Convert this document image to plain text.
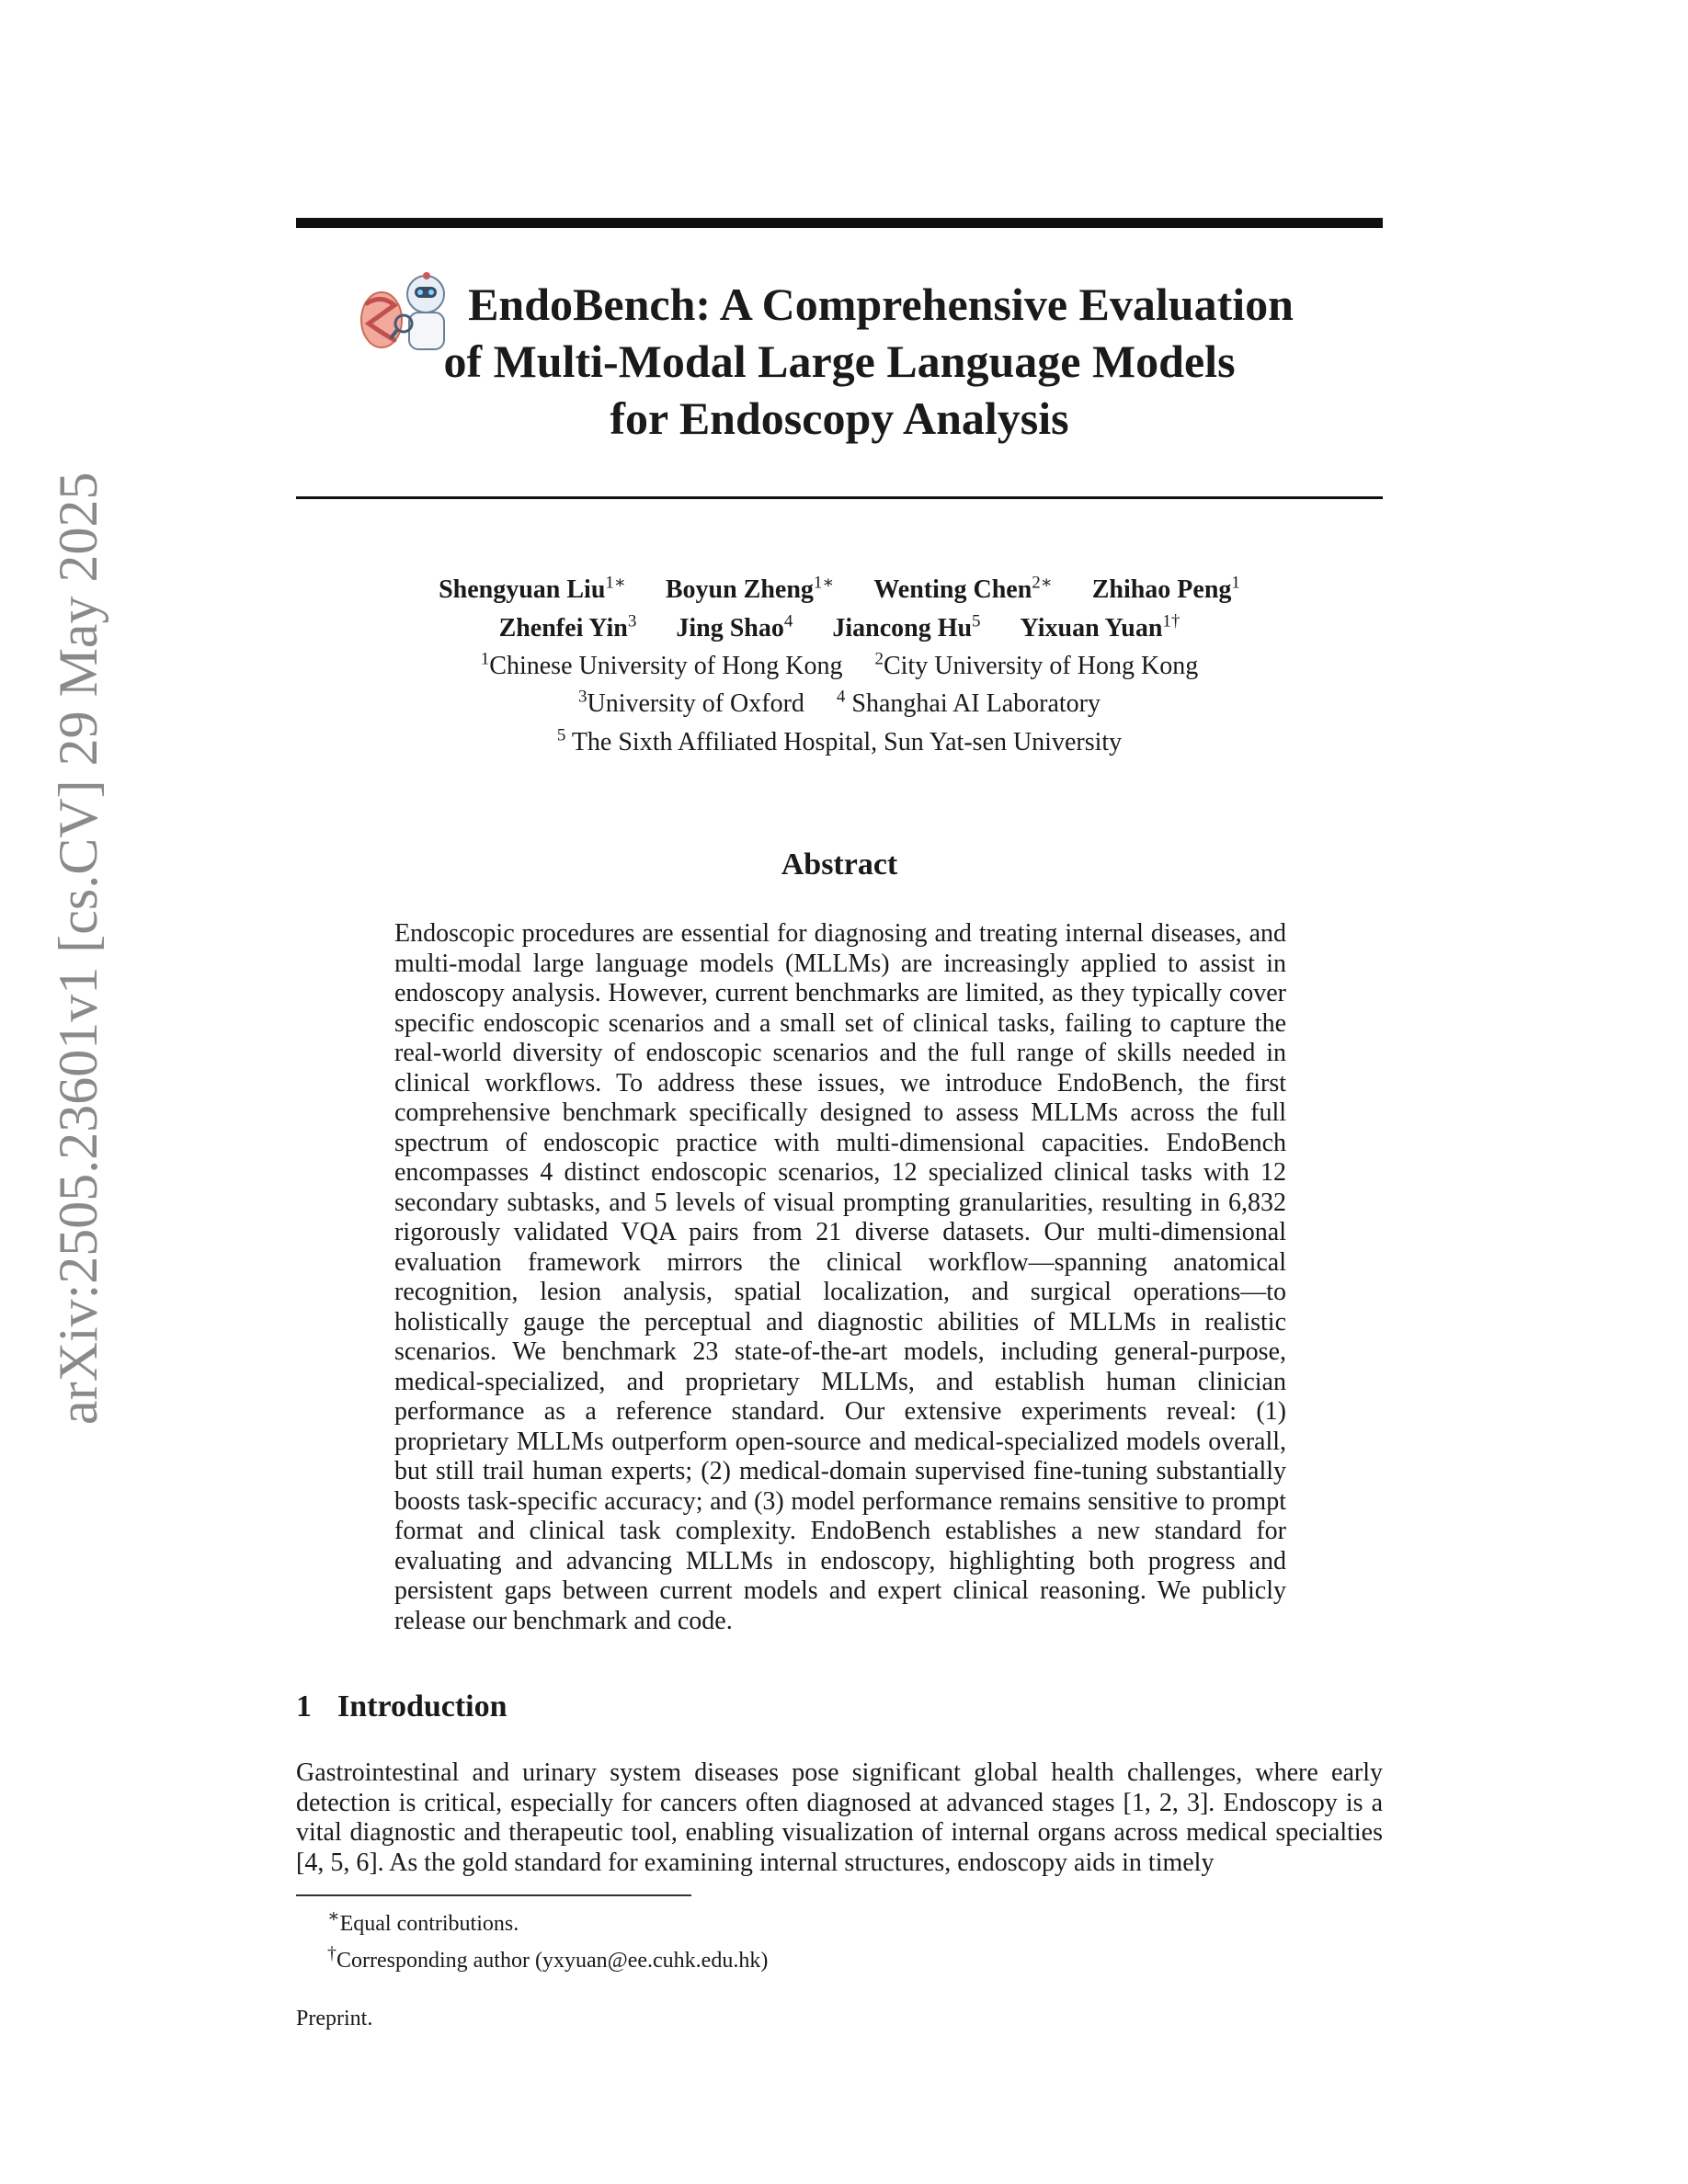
arXiv:2505.23601v1 [cs.CV] 29 May 2025

EndoBench: A Comprehensive Evaluation

of Multi-Modal Large Language Models

for Endoscopy Analysis

Shengyuan Liu$^{1∗}$ Boyun Zheng$^{1∗}$ Wenting Chen$^{2∗}$ Zhihao Peng$^1$
Zhenfei Yin$^3$ Jing Shao$^4$ Jiancong Hu$^5$ Yixuan Yuan$^{1\dagger}$
$^1$Chinese University of Hong Kong $^2$City University of Hong Kong
$^3$University of Oxford $^4$ Shanghai AI Laboratory
$^5$ The Sixth Affiliated Hospital, Sun Yat-sen University
Abstract
Endoscopic procedures are essential for diagnosing and treating internal diseases, and multi-modal large language models (MLLMs) are increasingly applied to assist in endoscopy analysis. However, current benchmarks are limited, as they typically cover specific endoscopic scenarios and a small set of clinical tasks, failing to capture the real-world diversity of endoscopic scenarios and the full range of skills needed in clinical workflows. To address these issues, we introduce EndoBench, the first comprehensive benchmark specifically designed to assess MLLMs across the full spectrum of endoscopic practice with multi-dimensional capacities. EndoBench encompasses 4 distinct endoscopic scenarios, 12 specialized clinical tasks with 12 secondary subtasks, and 5 levels of visual prompting granularities, resulting in 6,832 rigorously validated VQA pairs from 21 diverse datasets. Our multi-dimensional evaluation framework mirrors the clinical workflow—spanning anatomical recognition, lesion analysis, spatial localization, and surgical operations—to holistically gauge the perceptual and diagnostic abilities of MLLMs in realistic scenarios. We benchmark 23 state-of-the-art models, including general-purpose, medical-specialized, and proprietary MLLMs, and establish human clinician performance as a reference standard. Our extensive experiments reveal: (1) proprietary MLLMs outperform open-source and medical-specialized models overall, but still trail human experts; (2) medical-domain supervised fine-tuning substantially boosts task-specific accuracy; and (3) model performance remains sensitive to prompt format and clinical task complexity. EndoBench establishes a new standard for evaluating and advancing MLLMs in endoscopy, highlighting both progress and persistent gaps between current models and expert clinical reasoning. We publicly release our benchmark and code.
1 Introduction
Gastrointestinal and urinary system diseases pose significant global health challenges, where early detection is critical, especially for cancers often diagnosed at advanced stages [1, 2, 3]. Endoscopy is a vital diagnostic and therapeutic tool, enabling visualization of internal organs across medical specialties [4, 5, 6]. As the gold standard for examining internal structures, endoscopy aids in timely
∗Equal contributions.
†Corresponding author (yxyuan@ee.cuhk.edu.hk)
Preprint.
